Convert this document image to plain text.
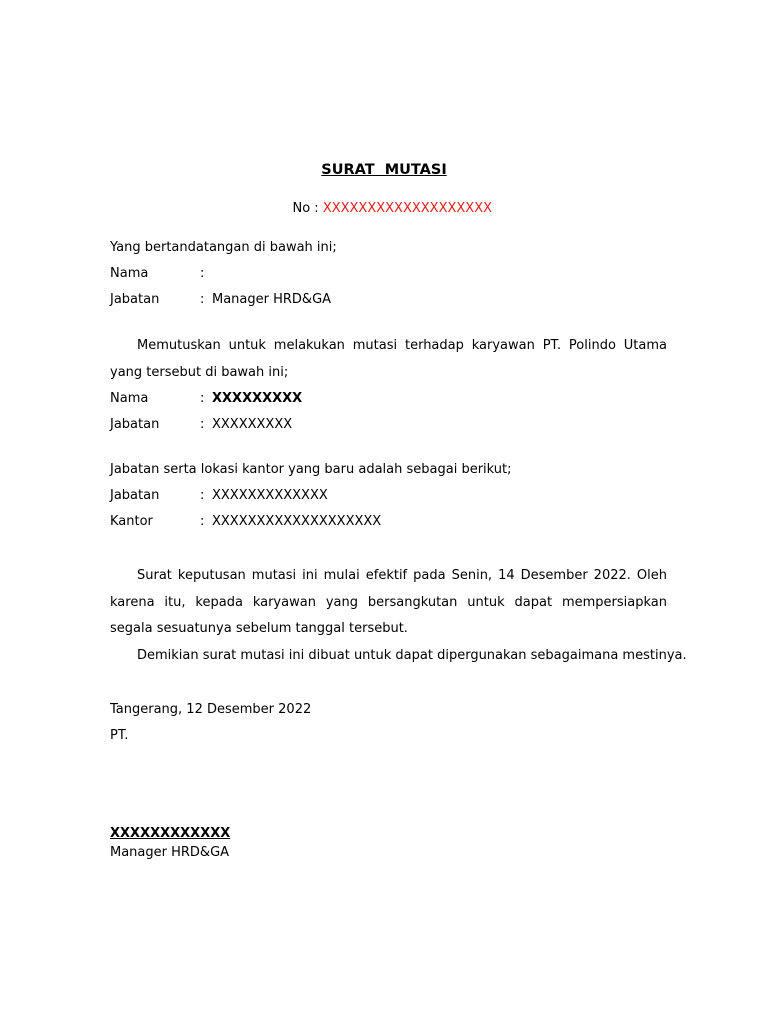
SURAT  MUTASI

No : XXXXXXXXXXXXXXXXXXX

Yang bertandatangan di bawah ini;
Nama	:
Jabatan	: Manager HRD&GA
Memutuskan untuk melakukan mutasi terhadap karyawan PT. Polindo Utama yang tersebut di bawah ini;
Nama	: XXXXXXXXX
Jabatan	: XXXXXXXXX
Jabatan serta lokasi kantor yang baru adalah sebagai berikut;
Jabatan	: XXXXXXXXXXXXX
Kantor	: XXXXXXXXXXXXXXXXXXX
Surat keputusan mutasi ini mulai efektif pada Senin, 14 Desember 2022. Oleh karena itu, kepada karyawan yang bersangkutan untuk dapat mempersiapkan segala sesuatunya sebelum tanggal tersebut.
Demikian surat mutasi ini dibuat untuk dapat dipergunakan sebagaimana mestinya.
Tangerang, 12 Desember 2022
PT.
XXXXXXXXXXXX
Manager HRD&GA
